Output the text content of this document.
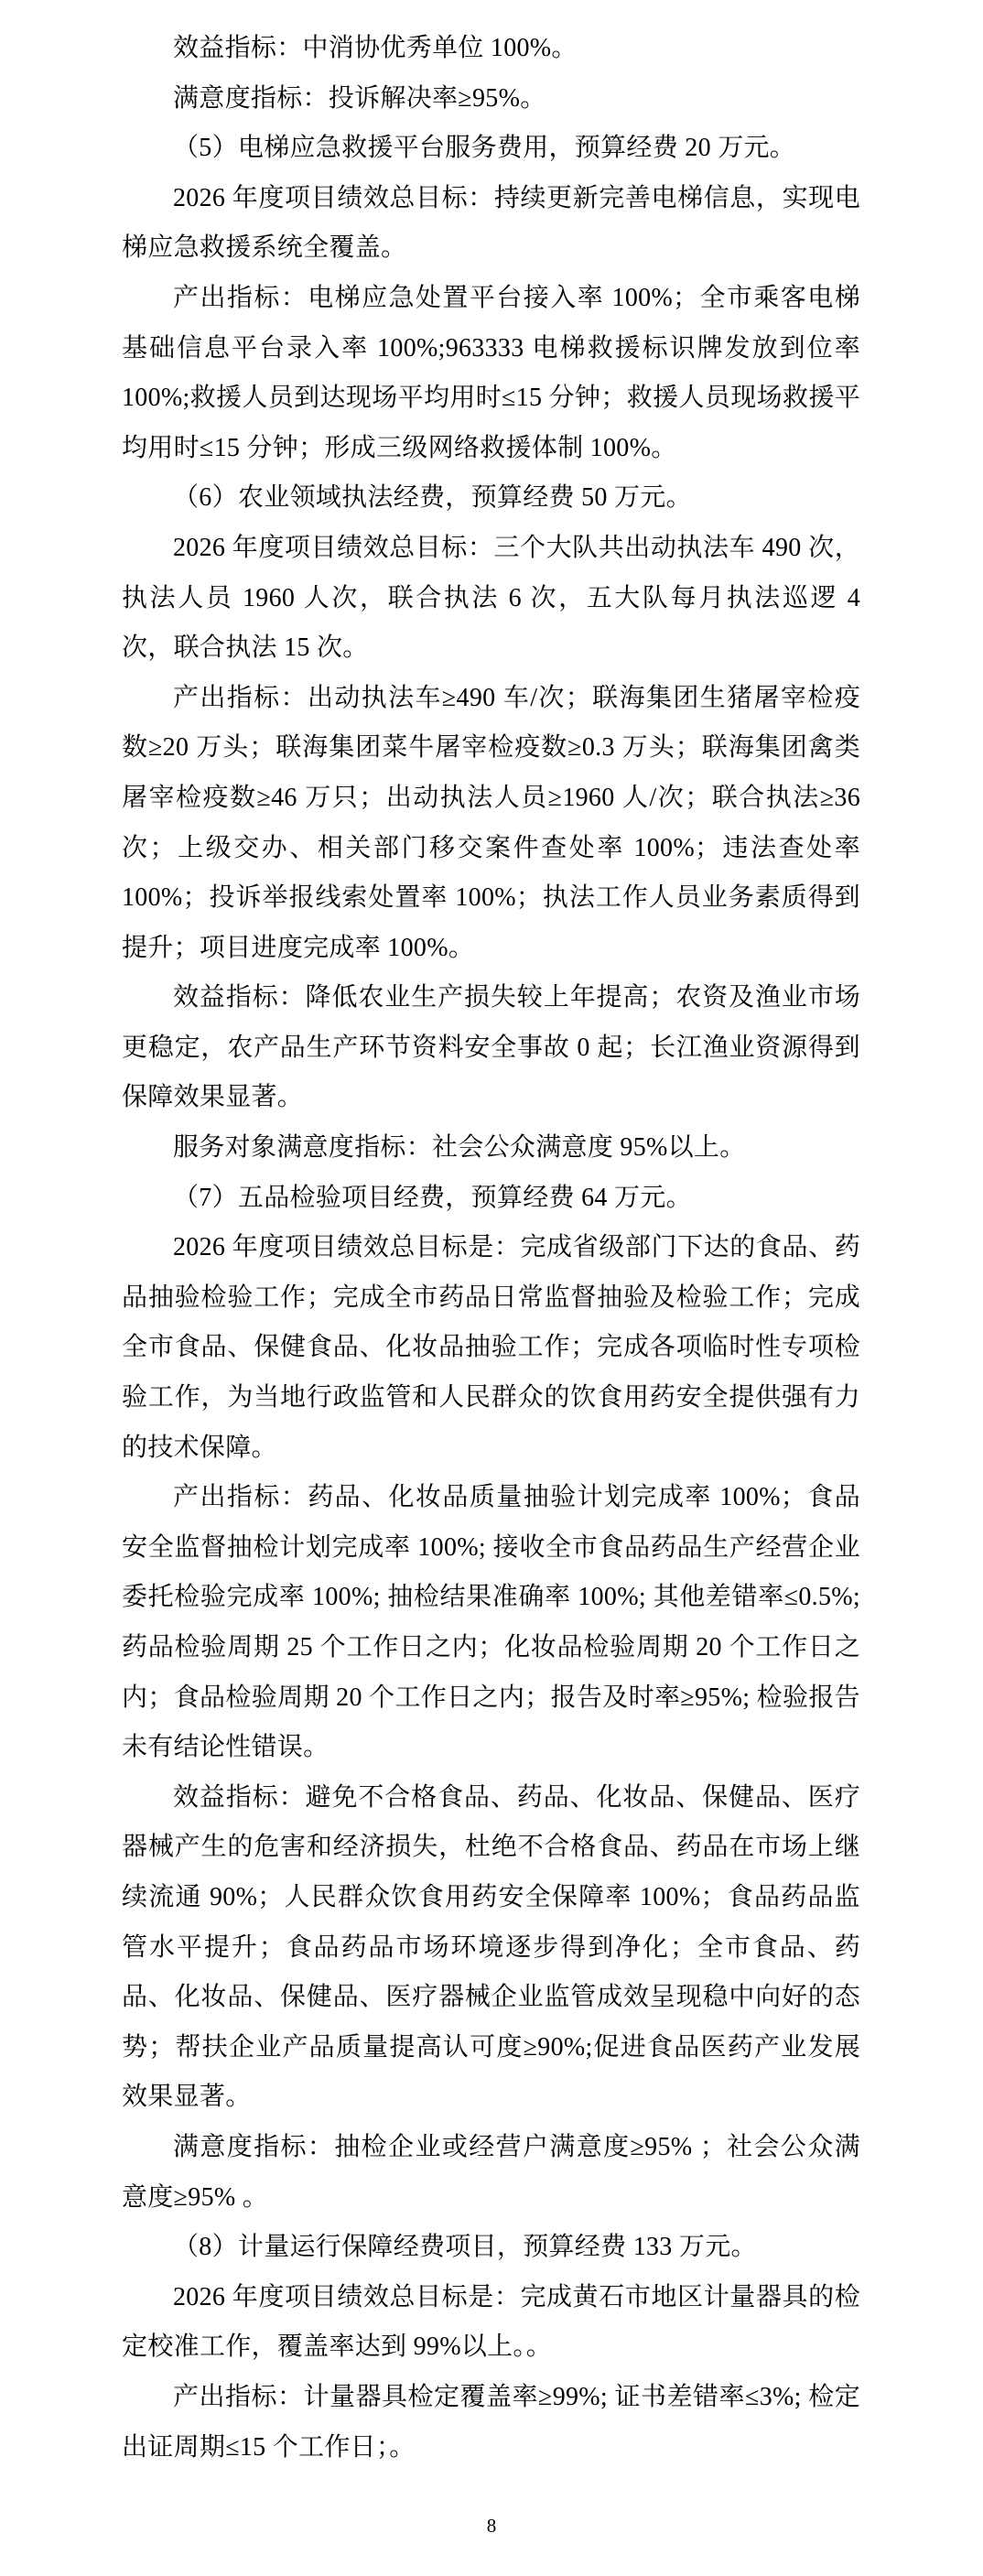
效益指标：中消协优秀单位 100%。

满意度指标：投诉解决率≥95%。

（5）电梯应急救援平台服务费用，预算经费 20 万元。

2026 年度项目绩效总目标：持续更新完善电梯信息，实现电梯应急救援系统全覆盖。

产出指标：电梯应急处置平台接入率 100%；全市乘客电梯基础信息平台录入率 100%;963333 电梯救援标识牌发放到位率 100%;救援人员到达现场平均用时≤15 分钟；救援人员现场救援平均用时≤15 分钟；形成三级网络救援体制 100%。

（6）农业领域执法经费，预算经费 50 万元。

2026 年度项目绩效总目标：三个大队共出动执法车 490 次，执法人员 1960 人次，联合执法 6 次，五大队每月执法巡逻 4 次，联合执法 15 次。

产出指标：出动执法车≥490 车/次；联海集团生猪屠宰检疫数≥20 万头；联海集团菜牛屠宰检疫数≥0.3 万头；联海集团禽类屠宰检疫数≥46 万只；出动执法人员≥1960 人/次；联合执法≥36 次；上级交办、相关部门移交案件查处率 100%；违法查处率 100%；投诉举报线索处置率 100%；执法工作人员业务素质得到提升；项目进度完成率 100%。

效益指标：降低农业生产损失较上年提高；农资及渔业市场更稳定，农产品生产环节资料安全事故 0 起；长江渔业资源得到保障效果显著。

服务对象满意度指标：社会公众满意度 95%以上。

（7）五品检验项目经费，预算经费 64 万元。

2026 年度项目绩效总目标是：完成省级部门下达的食品、药品抽验检验工作；完成全市药品日常监督抽验及检验工作；完成全市食品、保健食品、化妆品抽验工作；完成各项临时性专项检验工作，为当地行政监管和人民群众的饮食用药安全提供强有力的技术保障。

产出指标：药品、化妆品质量抽验计划完成率 100%；食品安全监督抽检计划完成率 100%; 接收全市食品药品生产经营企业委托检验完成率 100%; 抽检结果准确率 100%; 其他差错率≤0.5%; 药品检验周期 25 个工作日之内；化妆品检验周期 20 个工作日之内；食品检验周期 20 个工作日之内；报告及时率≥95%; 检验报告未有结论性错误。

效益指标：避免不合格食品、药品、化妆品、保健品、医疗器械产生的危害和经济损失，杜绝不合格食品、药品在市场上继续流通 90%；人民群众饮食用药安全保障率 100%；食品药品监管水平提升；食品药品市场环境逐步得到净化；全市食品、药品、化妆品、保健品、医疗器械企业监管成效呈现稳中向好的态势；帮扶企业产品质量提高认可度≥90%;促进食品医药产业发展效果显著。

满意度指标：抽检企业或经营户满意度≥95% ；社会公众满意度≥95% 。

（8）计量运行保障经费项目，预算经费 133 万元。

2026 年度项目绩效总目标是：完成黄石市地区计量器具的检定校准工作，覆盖率达到 99%以上。。

产出指标：计量器具检定覆盖率≥99%; 证书差错率≤3%; 检定出证周期≤15 个工作日；。

8
